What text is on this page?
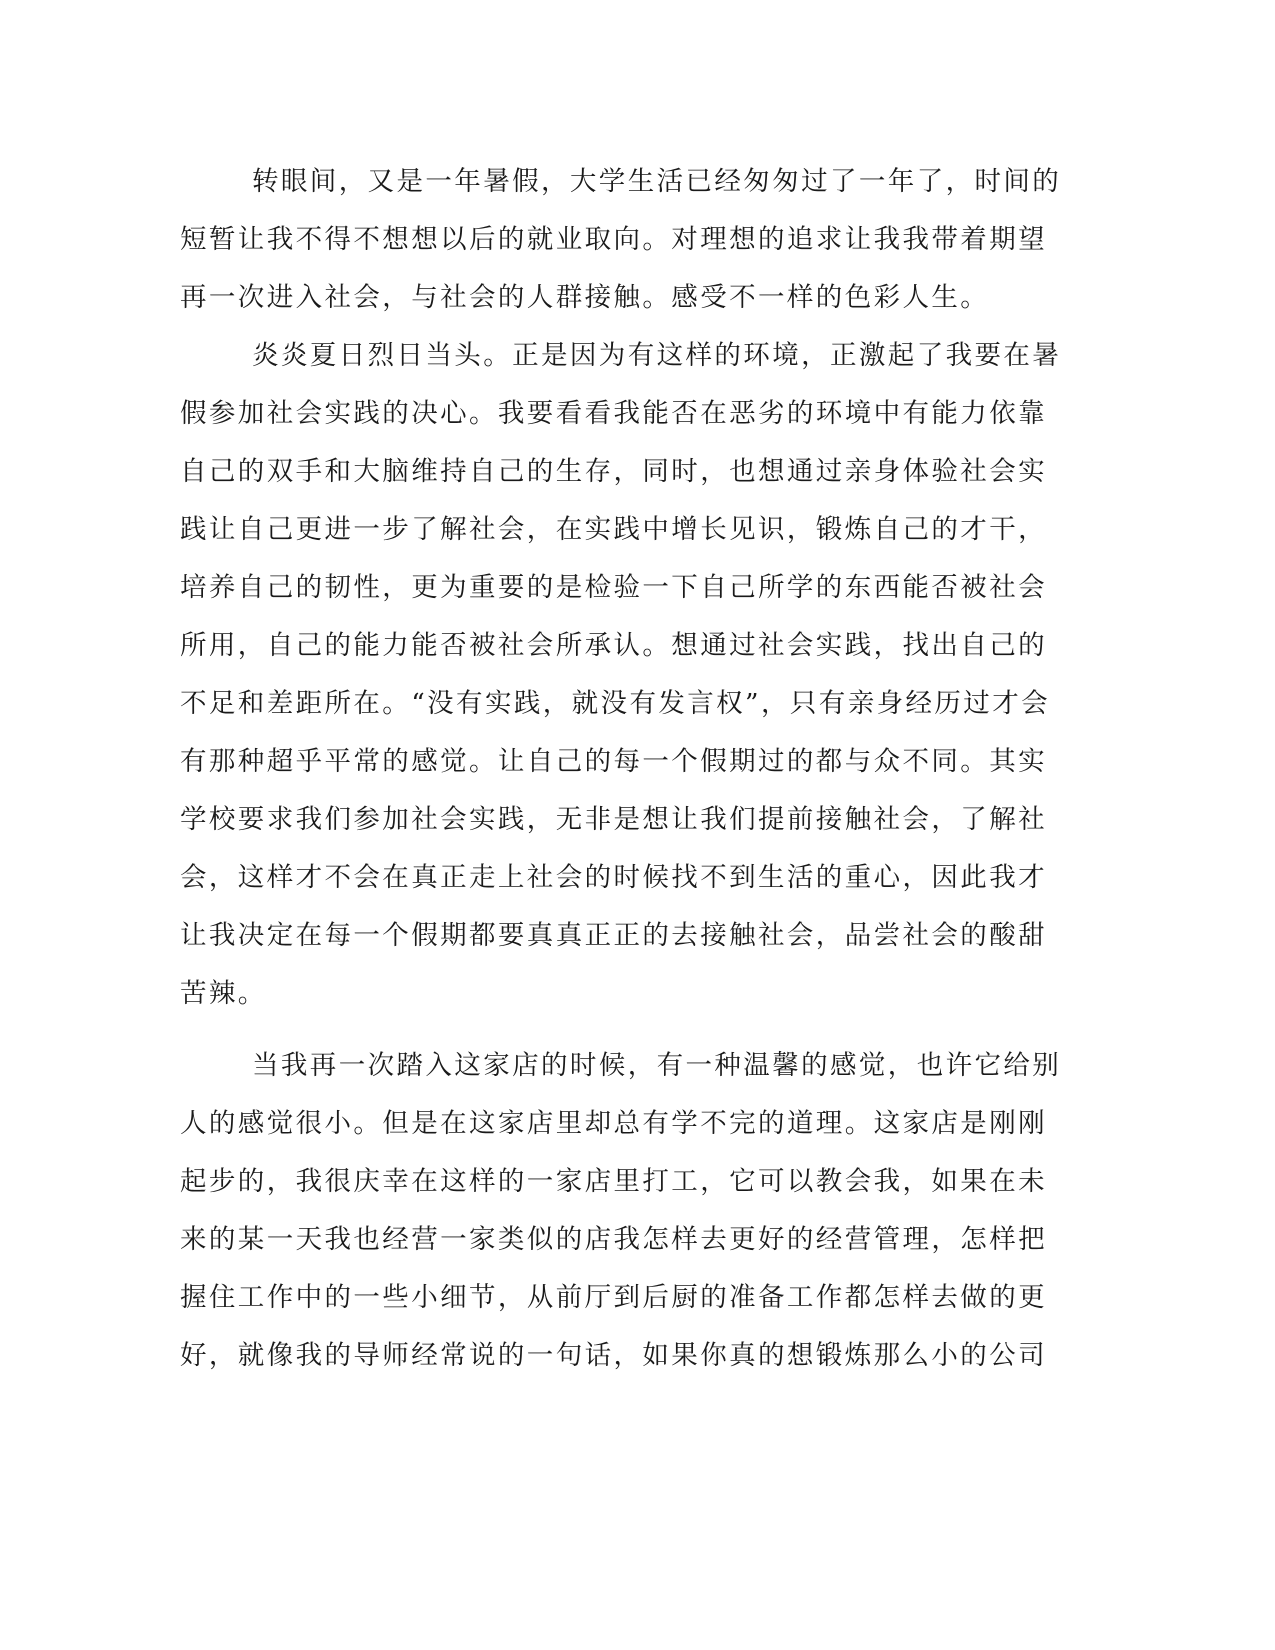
转眼间，又是一年暑假，大学生活已经匆匆过了一年了，时间的
短暂让我不得不想想以后的就业取向。对理想的追求让我我带着期望
再一次进入社会，与社会的人群接触。感受不一样的色彩人生。
炎炎夏日烈日当头。正是因为有这样的环境，正激起了我要在暑
假参加社会实践的决心。我要看看我能否在恶劣的环境中有能力依靠
自己的双手和大脑维持自己的生存，同时，也想通过亲身体验社会实
践让自己更进一步了解社会，在实践中增长见识，锻炼自己的才干，
培养自己的韧性，更为重要的是检验一下自己所学的东西能否被社会
所用，自己的能力能否被社会所承认。想通过社会实践，找出自己的
不足和差距所在。“没有实践，就没有发言权”，只有亲身经历过才会
有那种超乎平常的感觉。让自己的每一个假期过的都与众不同。其实
学校要求我们参加社会实践，无非是想让我们提前接触社会，了解社
会，这样才不会在真正走上社会的时候找不到生活的重心，因此我才
让我决定在每一个假期都要真真正正的去接触社会，品尝社会的酸甜
苦辣。
当我再一次踏入这家店的时候，有一种温馨的感觉，也许它给别
人的感觉很小。但是在这家店里却总有学不完的道理。这家店是刚刚
起步的，我很庆幸在这样的一家店里打工，它可以教会我，如果在未
来的某一天我也经营一家类似的店我怎样去更好的经营管理，怎样把
握住工作中的一些小细节，从前厅到后厨的准备工作都怎样去做的更
好，就像我的导师经常说的一句话，如果你真的想锻炼那么小的公司
